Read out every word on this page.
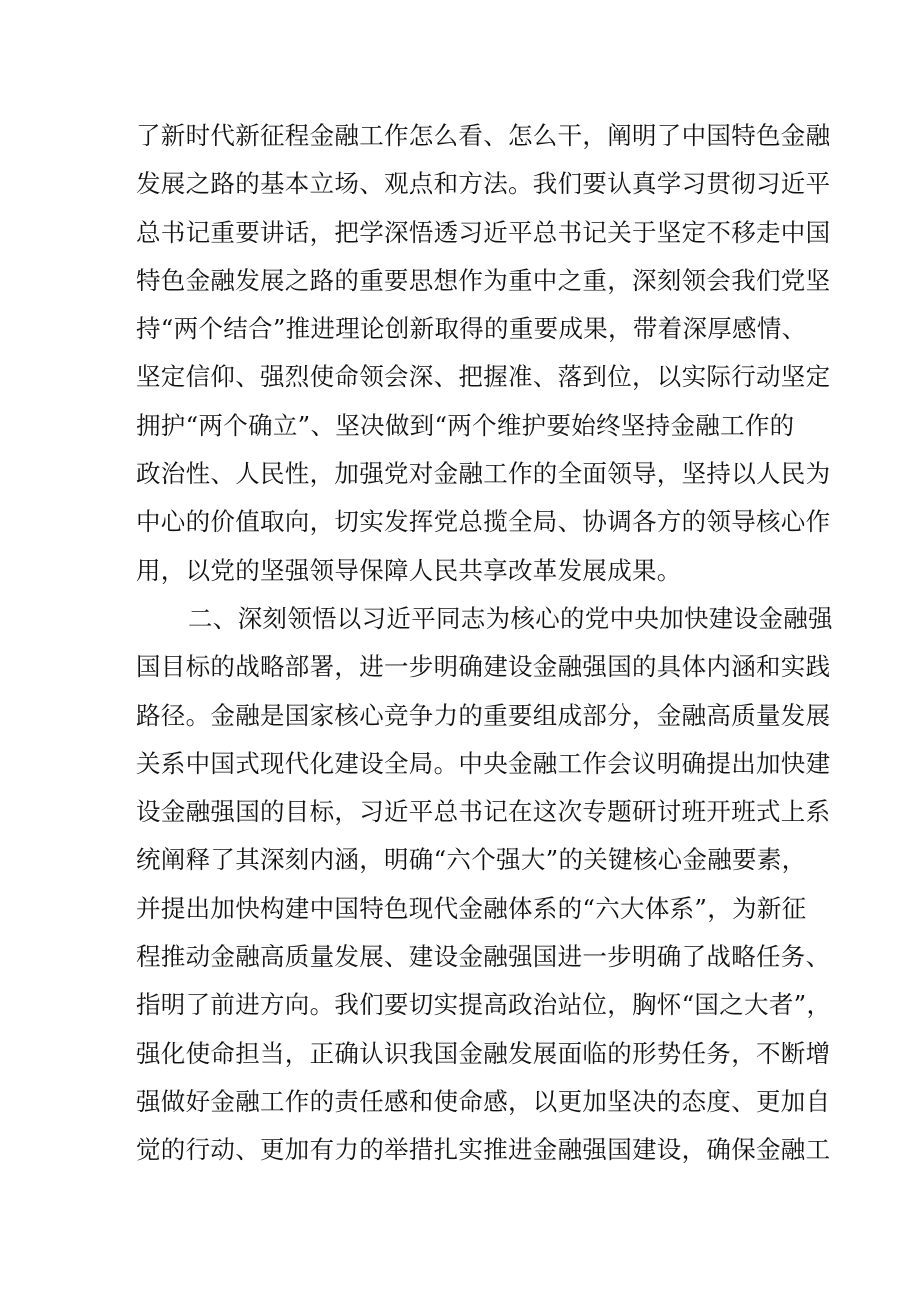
了新时代新征程金融工作怎么看、怎么干，阐明了中国特色金融
发展之路的基本立场、观点和方法。我们要认真学习贯彻习近平
总书记重要讲话，把学深悟透习近平总书记关于坚定不移走中国
特色金融发展之路的重要思想作为重中之重，深刻领会我们党坚
持“两个结合”推进理论创新取得的重要成果，带着深厚感情、
坚定信仰、强烈使命领会深、把握准、落到位，以实际行动坚定
拥护“两个确立”、坚决做到“两个维护要始终坚持金融工作的
政治性、人民性，加强党对金融工作的全面领导，坚持以人民为
中心的价值取向，切实发挥党总揽全局、协调各方的领导核心作
用，以党的坚强领导保障人民共享改革发展成果。
二、深刻领悟以习近平同志为核心的党中央加快建设金融强
国目标的战略部署，进一步明确建设金融强国的具体内涵和实践
路径。金融是国家核心竞争力的重要组成部分，金融高质量发展
关系中国式现代化建设全局。中央金融工作会议明确提出加快建
设金融强国的目标，习近平总书记在这次专题研讨班开班式上系
统阐释了其深刻内涵，明确“六个强大”的关键核心金融要素，
并提出加快构建中国特色现代金融体系的“六大体系”，为新征
程推动金融高质量发展、建设金融强国进一步明确了战略任务、
指明了前进方向。我们要切实提高政治站位，胸怀“国之大者”，
强化使命担当，正确认识我国金融发展面临的形势任务，不断增
强做好金融工作的责任感和使命感，以更加坚决的态度、更加自
觉的行动、更加有力的举措扎实推进金融强国建设，确保金融工
